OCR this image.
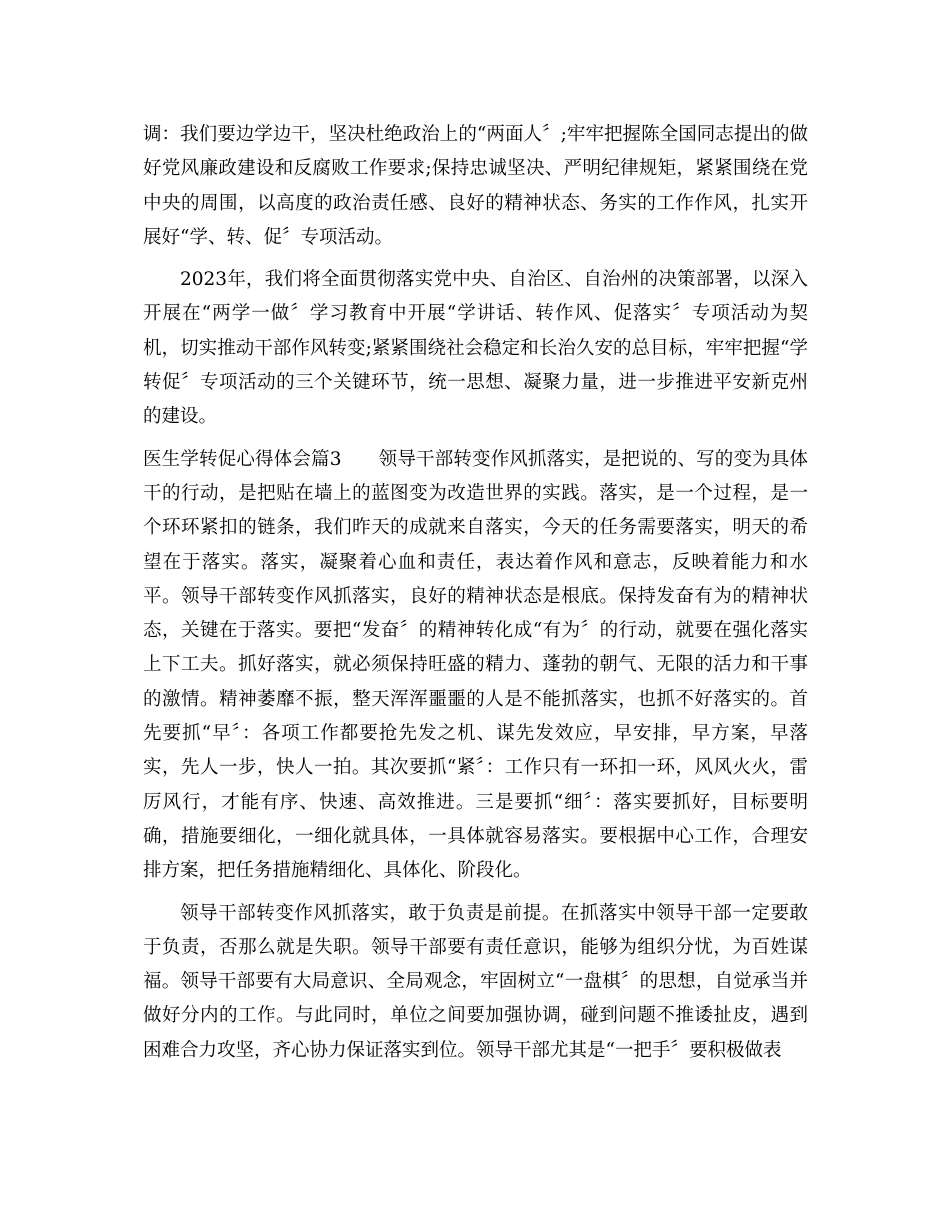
调：我们要边学边干，坚决杜绝政治上的“两面人〞;牢牢把握陈全国同志提出的做好党风廉政建设和反腐败工作要求;保持忠诚坚决、严明纪律规矩，紧紧围绕在党中央的周围，以高度的政治责任感、良好的精神状态、务实的工作作风，扎实开展好“学、转、促〞专项活动。

2023年，我们将全面贯彻落实党中央、自治区、自治州的决策部署，以深入开展在“两学一做〞学习教育中开展“学讲话、转作风、促落实〞专项活动为契机，切实推动干部作风转变;紧紧围绕社会稳定和长治久安的总目标，牢牢把握“学转促〞专项活动的三个关键环节，统一思想、凝聚力量，进一步推进平安新克州的建设。

医生学转促心得体会篇3 领导干部转变作风抓落实，是把说的、写的变为具体干的行动，是把贴在墙上的蓝图变为改造世界的实践。落实，是一个过程，是一个环环紧扣的链条，我们昨天的成就来自落实，今天的任务需要落实，明天的希望在于落实。落实，凝聚着心血和责任，表达着作风和意志，反映着能力和水平。领导干部转变作风抓落实，良好的精神状态是根底。保持发奋有为的精神状态，关键在于落实。要把“发奋〞的精神转化成“有为〞的行动，就要在强化落实上下工夫。抓好落实，就必须保持旺盛的精力、蓬勃的朝气、无限的活力和干事的激情。精神萎靡不振，整天浑浑噩噩的人是不能抓落实，也抓不好落实的。首先要抓“早〞：各项工作都要抢先发之机、谋先发效应，早安排，早方案，早落实，先人一步，快人一拍。其次要抓“紧〞：工作只有一环扣一环，风风火火，雷厉风行，才能有序、快速、高效推进。三是要抓“细〞：落实要抓好，目标要明确，措施要细化，一细化就具体，一具体就容易落实。要根据中心工作，合理安排方案，把任务措施精细化、具体化、阶段化。

领导干部转变作风抓落实，敢于负责是前提。在抓落实中领导干部一定要敢于负责，否那么就是失职。领导干部要有责任意识，能够为组织分忧，为百姓谋福。领导干部要有大局意识、全局观念，牢固树立“一盘棋〞的思想，自觉承当并做好分内的工作。与此同时，单位之间要加强协调，碰到问题不推诿扯皮，遇到困难合力攻坚，齐心协力保证落实到位。领导干部尤其是“一把手〞要积极做表
